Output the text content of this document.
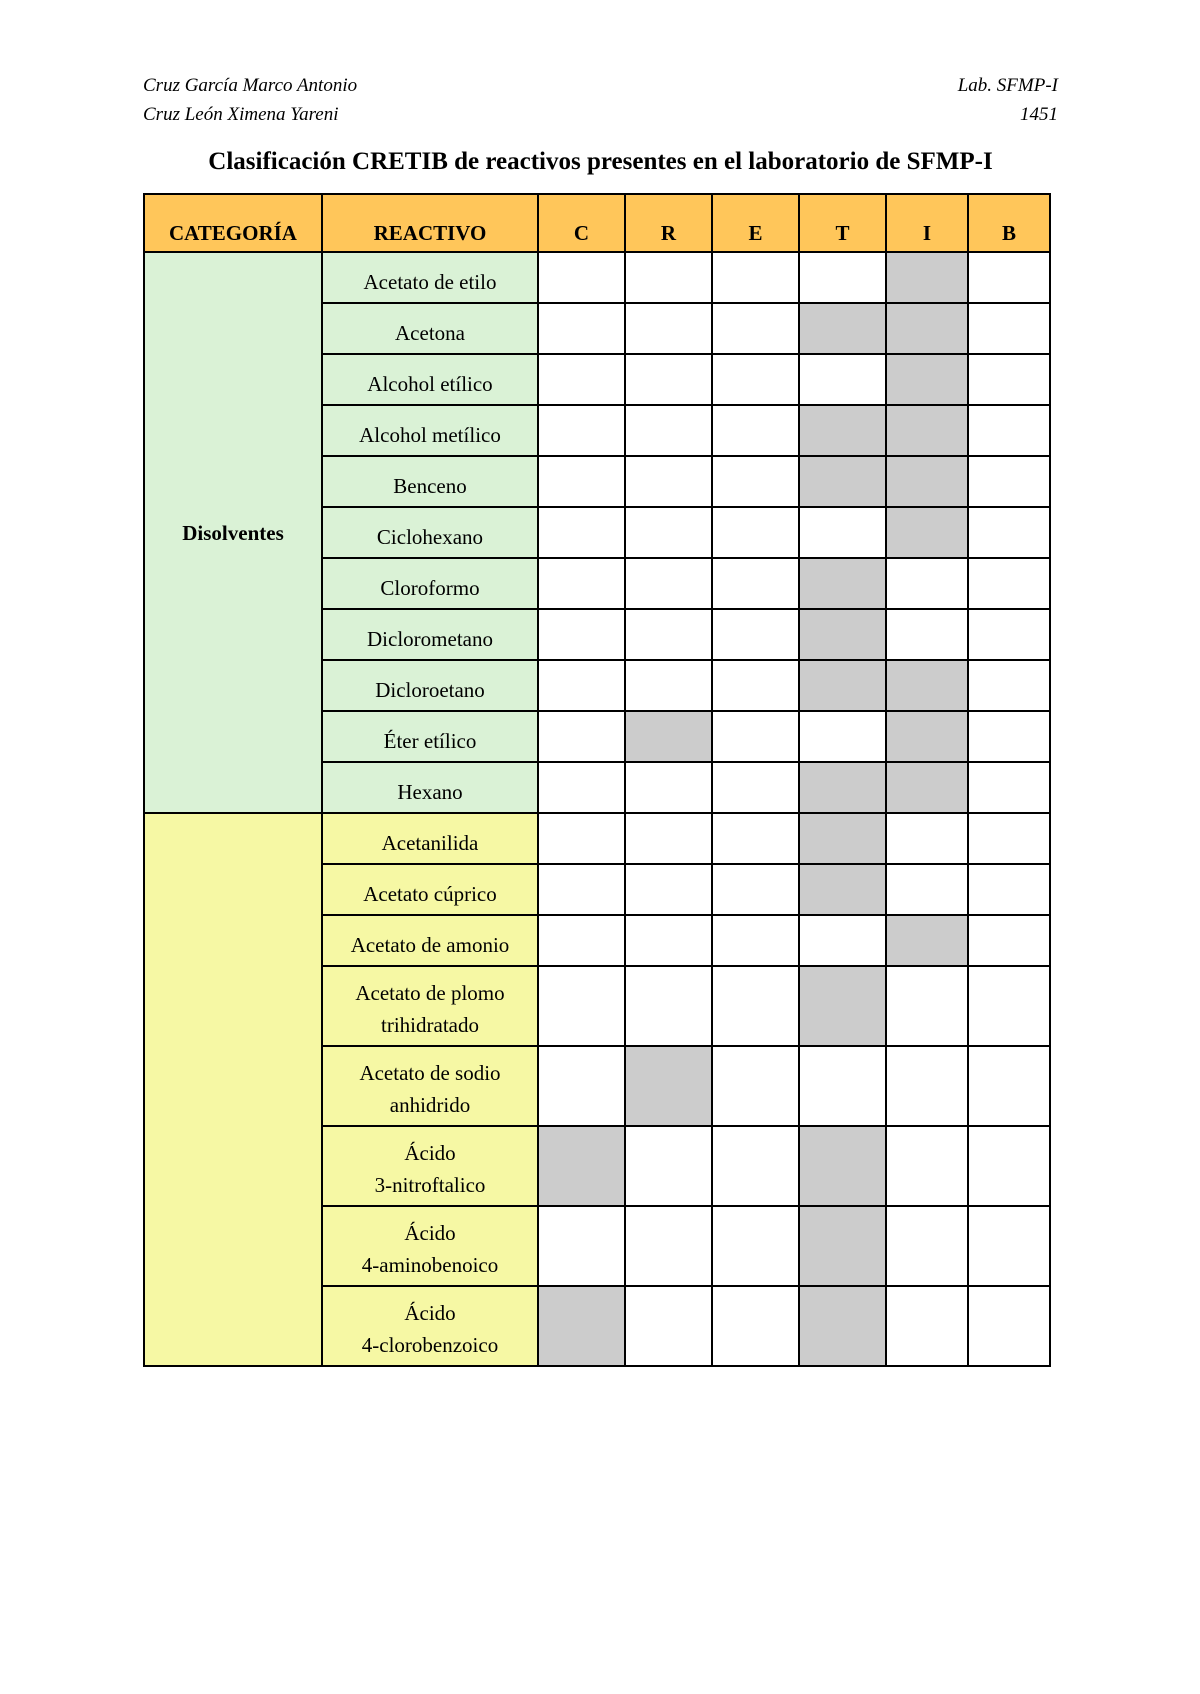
Cruz García Marco Antonio
Cruz León Ximena Yareni
Lab. SFMP-I
1451
Clasificación CRETIB de reactivos presentes en el laboratorio de SFMP-I
CATEGORÍA	REACTIVO	C	R	E	T	I	B
Disolventes	Acetato de etilo						

	Acetona						

	Alcohol etílico						

	Alcohol metílico						

	Benceno						

	Ciclohexano						

	Cloroformo						

	Diclorometano						

	Dicloroetano						

	Éter etílico						

	Hexano						

	Acetanilida						

	Acetato cúprico						

	Acetato de amonio						

	Acetato de plomo
trihidratado						

	Acetato de sodio
anhidrido						

	Ácido
3-nitroftalico						

	Ácido
4-aminobenoico						

	Ácido
4-clorobenzoico						
